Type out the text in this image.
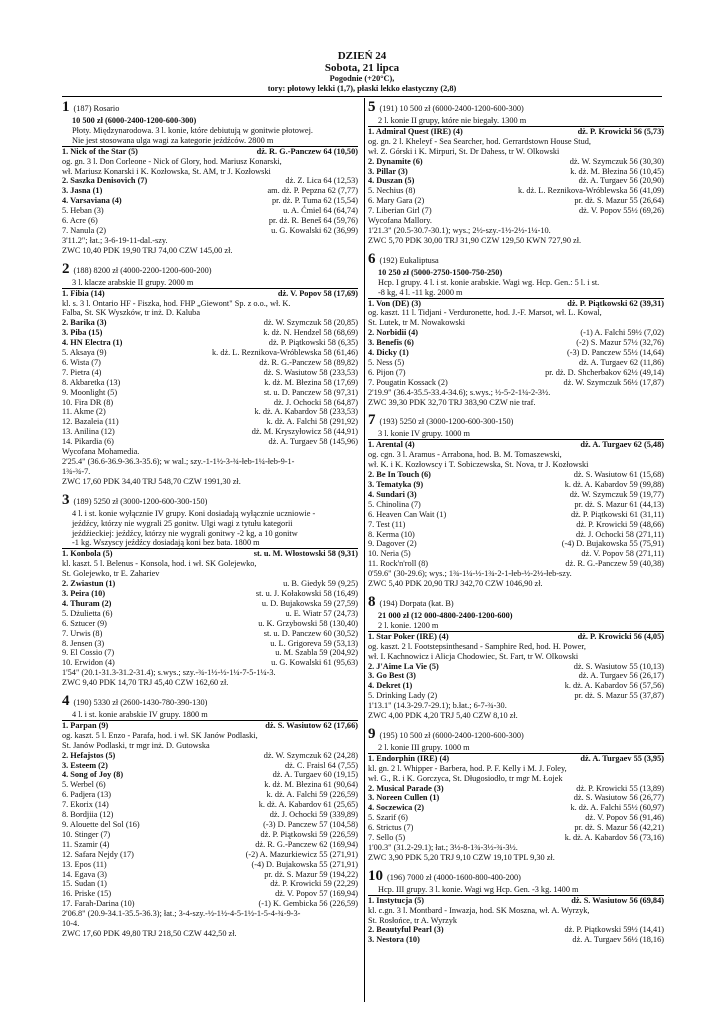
DZIEŃ 24
Sobota, 21 lipca
Pogodnie (+20°C),
tory: płotowy lekki (1,7), płaski lekko elastyczny (2,8)
1 (187) Rosario
10 500 zł (6000-2400-1200-600-300)
Płoty. Międzynarodowa. 3 l. konie, które debiutują w gonitwie płotowej.
Nie jest stosowana ulga wagi za kategorie jeźdźców. 2800 m
1. Nick of the Star (5)	dż. R. G.-Panczew 64 (10,50)
og. gn. 3 l. Don Corleone - Nick of Glory, hod. Mariusz Konarski,
wł. Mariusz Konarski i K. Kozłowska, St. AM, tr J. Kozłowski
2. Saszka Denisovich (7)	dż. Z. Lica 64 (12,53)
3. Jasna (1)	am. dż. P. Pepzna 62 (7,77)
4. Varsaviana (4)	pr. dż. P. Tuma 62 (15,54)
5. Heban (3)	u. A. Ćmiel 64 (64,74)
6. Acre (6)	pr. dż. R. Beneš 64 (59,76)
7. Nanula (2)	u. G. Kowalski 62 (36,99)
3'11.2"; łat.; 3-6-19-11-dal.-szy.
ZWC 10,40 PDK 19,90 TRJ 74,00 CZW 145,00 zł.
2 (188) 8200 zł (4000-2200-1200-600-200)
3 l. klacze arabskie II grupy. 2000 m
1. Fibia (14)	dż. V. Popov 58 (17,69)
kl. s. 3 l. Ontario HF - Fiszka, hod. FHP „Giewont" Sp. z o.o., wł. K.
Falba, St. SK Wyszków, tr inż. D. Kaluba
2. Barika (3)	dż. W. Szymczuk 58 (20,85)
3. Piba (15)	k. dż. N. Hendzel 58 (68,69)
4. HN Electra (1)	dż. P. Piątkowski 58 (6,35)
5. Aksaya (9)	k. dż. L. Reznikova-Wróblewska 58 (61,46)
6. Wista (7)	dż. R. G.-Panczew 58 (89,82)
7. Pietra (4)	dż. S. Wasiutow 58 (233,53)
8. Akbaretka (13)	k. dż. M. Błezina 58 (17,69)
9. Moonlight (5)	st. u. D. Panczew 58 (97,31)
10. Fira DR (8)	dż. J. Ochocki 58 (64,87)
11. Akme (2)	k. dż. A. Kabardov 58 (233,53)
12. Bazaleia (11)	k. dż. A. Falchi 58 (291,92)
13. Anilina (12)	dż. M. Kryszyłowicz 58 (44,91)
14. Pikardia (6)	dż. A. Turgaev 58 (145,96)
Wycofana Mohamedia.
2'25.4" (36.6-36.9-36.3-35.6); w wal.; szy.-1-1½-3-¾-łeb-1¼-łeb-9-1-
1¾-¾-7.
ZWC 17,60 PDK 34,40 TRJ 548,70 CZW 1991,30 zł.
3 (189) 5250 zł (3000-1200-600-300-150)
4 l. i st. konie wyłącznie IV grupy. Koni dosiadają wyłącznie uczniowie -
jeźdźcy, którzy nie wygrali 25 gonitw. Ulgi wagi z tytułu kategorii
jeźdźieckiej: jeźdźcy, którzy nie wygrali gonitwy -2 kg, a 10 gonitw
-1 kg. Wszyscy jeźdźcy dosiadają koni bez bata. 1800 m
1. Konbola (5)	st. u. M. Włostowski 58 (9,31)
kl. kaszt. 5 l. Belenus - Konsola, hod. i wł. SK Golejewko,
St. Golejewko, tr E. Zahariev
2. Zwiastun (1)	u. B. Giedyk 59 (9,25)
3. Peira (10)	st. u. J. Kołakowski 58 (16,49)
4. Thuram (2)	u. D. Bujakowska 59 (27,59)
5. Dżulietta (6)	u. E. Wiatr 57 (24,73)
6. Sztucer (9)	u. K. Grzybowski 58 (130,40)
7. Urwis (8)	st. u. D. Panczew 60 (30,52)
8. Jensen (3)	u. L. Grigoreva 59 (53,13)
9. El Cossio (7)	u. M. Szabla 59 (204,92)
10. Erwidon (4)	u. G. Kowalski 61 (95,63)
1'54" (20.1-31.3-31.2-31.4); s.wys.; szy.-¾-1½-½-1¼-7-5-1¼-3.
ZWC 9,40 PDK 14,70 TRJ 45,40 CZW 162,60 zł.
4 (190) 5330 zł (2600-1430-780-390-130)
4 l. i st. konie arabskie IV grupy. 1800 m
1. Parpan (9)	dż. S. Wasiutow 62 (17,66)
og. kaszt. 5 l. Enzo - Parafa, hod. i wł. SK Janów Podlaski,
St. Janów Podlaski, tr mgr inż. D. Gutowska
2. Hefajstos (5)	dż. W. Szymczuk 62 (24,28)
3. Esteem (2)	dż. C. Fraisl 64 (7,55)
4. Song of Joy (8)	dż. A. Turgaev 60 (19,15)
5. Werbel (6)	k. dż. M. Błezina 61 (90,64)
6. Padjera (13)	k. dż. A. Falchi 59 (226,59)
7. Ekorix (14)	k. dż. A. Kabardov 61 (25,65)
8. Bordjiia (12)	dż. J. Ochocki 59 (339,89)
9. Alouette del Sol (16)	(-3) D. Panczew 57 (104,58)
10. Stinger (7)	dż. P. Piątkowski 59 (226,59)
11. Szamir (4)	dż. R. G.-Panczew 62 (169,94)
12. Safara Nejdy (17)	(-2) A. Mazurkiewicz 55 (271,91)
13. Epos (11)	(-4) D. Bujakowska 55 (271,91)
14. Egava (3)	pr. dż. S. Mazur 59 (194,22)
15. Sudan (1)	dż. P. Krowicki 59 (22,29)
16. Priske (15)	dż. V. Popov 57 (169,94)
17. Farah-Darina (10)	(-1) K. Gembicka 56 (226,59)
2'06.8" (20.9-34.1-35.5-36.3); łat.; 3-4-szy.-½-1½-4-5-1½-1-5-4-¾-9-3-
10-4.
ZWC 17,60 PDK 49,80 TRJ 218,50 CZW 442,50 zł.
5 (191) 10 500 zł (6000-2400-1200-600-300)
2 l. konie II grupy, które nie biegały. 1300 m
1. Admiral Quest (IRE) (4)	dż. P. Krowicki 56 (5,73)
og. gn. 2 l. Kheleyf - Sea Searcher, hod. Gerrardstown House Stud,
wł. Z. Górski i K. Mirpuri, St. Dr Dahess, tr W. Olkowski
2. Dynamite (6)	dż. W. Szymczuk 56 (30,30)
3. Pillar (3)	k. dż. M. Błezina 56 (10,45)
4. Duszan (5)	dż. A. Turgaev 56 (20,90)
5. Nechius (8)	k. dż. L. Reznikova-Wróblewska 56 (41,09)
6. Mary Gara (2)	pr. dż. S. Mazur 55 (26,64)
7. Liberian Girl (7)	dż. V. Popov 55½ (69,26)
Wycofana Mallory.
1'21.3" (20.5-30.7-30.1); wys.; 2½-szy.-1½-2½-1¼-10.
ZWC 5,70 PDK 30,00 TRJ 31,90 CZW 129,50 KWN 727,90 zł.
6 (192) Eukaliptusa
10 250 zł (5000-2750-1500-750-250)
Hcp. I grupy. 4 l. i st. konie arabskie. Wagi wg. Hcp. Gen.: 5 l. i st.
-8 kg, 4 l. -11 kg. 2000 m
1. Von (DE) (3)	dż. P. Piątkowski 62 (39,31)
og. kaszt. 11 l. Tidjani - Verduronette, hod. J.-F. Marsot, wł. L. Kowal,
St. Lutek, tr M. Nowakowski
2. Norbidii (4)	(-1) A. Falchi 59½ (7,02)
3. Benefis (6)	(-2) S. Mazur 57½ (32,76)
4. Dicky (1)	(-3) D. Panczew 55½ (14,64)
5. Ness (5)	dż. A. Turgaev 62 (11,86)
6. Pijon (7)	pr. dż. D. Shcherbakov 62½ (49,14)
7. Pougatin Kossack (2)	dż. W. Szymczuk 56½ (17,87)
2'19.9" (36.4-35.5-33.4-34.6); s.wys.; ½-5-2-1¼-2-3½.
ZWC 39,30 PDK 32,70 TRJ 383,90 CZW nie traf.
7 (193) 5250 zł (3000-1200-600-300-150)
3 l. konie IV grupy. 1000 m
1. Arental (4)	dż. A. Turgaev 62 (5,48)
og. cgn. 3 l. Aramus - Arrabona, hod. B. M. Tomaszewski,
wł. K. i K. Kozłowscy i T. Sobiczewska, St. Nova, tr J. Kozłowski
2. Be In Touch (6)	dż. S. Wasiutow 61 (15,68)
3. Tematyka (9)	k. dż. A. Kabardov 59 (99,88)
4. Sundari (3)	dż. W. Szymczuk 59 (19,77)
5. Chinolina (7)	pr. dż. S. Mazur 61 (44,13)
6. Heaven Can Wait (1)	dż. P. Piątkowski 61 (31,11)
7. Test (11)	dż. P. Krowicki 59 (48,66)
8. Kerma (10)	dż. J. Ochocki 58 (271,11)
9. Dagover (2)	(-4) D. Bujakowska 55 (75,91)
10. Neria (5)	dż. V. Popov 58 (271,11)
11. Rock'n'roll (8)	dż. R. G.-Panczew 59 (40,38)
0'59.6" (30-29.6); wys.; 1¾-1¼-½-1¾-2-1-łeb-½-2½-łeb-szy.
ZWC 5,40 PDK 20,90 TRJ 342,70 CZW 1046,90 zł.
8 (194) Dorpata (kat. B)
21 000 zł (12 000-4800-2400-1200-600)
2 l. konie. 1200 m
1. Star Poker (IRE) (4)	dż. P. Krowicki 56 (4,05)
og. kaszt. 2 l. Footstepsinthesand - Samphire Red, hod. H. Power,
wł. I. Kachnowicz i Alicja Chodowiec, St. Fart, tr W. Olkowski
2. J'Aime La Vie (5)	dż. S. Wasiutow 55 (10,13)
3. Go Best (3)	dż. A. Turgaev 56 (26,17)
4. Dekret (1)	k. dż. A. Kabardov 56 (57,56)
5. Drinking Lady (2)	pr. dż. S. Mazur 55 (37,87)
1'13.1" (14.3-29.7-29.1); b.łat.; 6-7-¾-30.
ZWC 4,00 PDK 4,20 TRJ 5,40 CZW 8,10 zł.
9 (195) 10 500 zł (6000-2400-1200-600-300)
2 l. konie III grupy. 1000 m
1. Endorphin (IRE) (4)	dż. A. Turgaev 55 (3,95)
kl. gn. 2 l. Whipper - Barbera, hod. P. F. Kelly i M. J. Foley,
wł. G., R. i K. Gorczyca, St. Długosiodło, tr mgr M. Łojek
2. Musical Parade (3)	dż. P. Krowicki 55 (13,89)
3. Noreen Cullen (1)	dż. S. Wasiutow 56 (26,77)
4. Soczewica (2)	k. dż. A. Falchi 55½ (60,97)
5. Szarif (6)	dż. V. Popov 56 (91,46)
6. Strictus (7)	pr. dż. S. Mazur 56 (42,21)
7. Sello (5)	k. dż. A. Kabardov 56 (73,16)
1'00.3" (31.2-29.1); łat.; 3½-8-1¾-3½-¾-3½.
ZWC 3,90 PDK 5,20 TRJ 9,10 CZW 19,10 TPL 9,30 zł.
10 (196) 7000 zł (4000-1600-800-400-200)
Hcp. III grupy. 3 l. konie. Wagi wg Hcp. Gen. -3 kg. 1400 m
1. Instytucja (5)	dż. S. Wasiutow 56 (69,84)
kl. c.gn. 3 l. Montbard - Inwazja, hod. SK Moszna, wł. A. Wyrzyk,
St. Rosłońce, tr A. Wyrzyk
2. Beautyful Pearl (3)	dż. P. Piątkowski 59½ (14,41)
3. Nestora (10)	dż. A. Turgaev 56½ (18,16)
